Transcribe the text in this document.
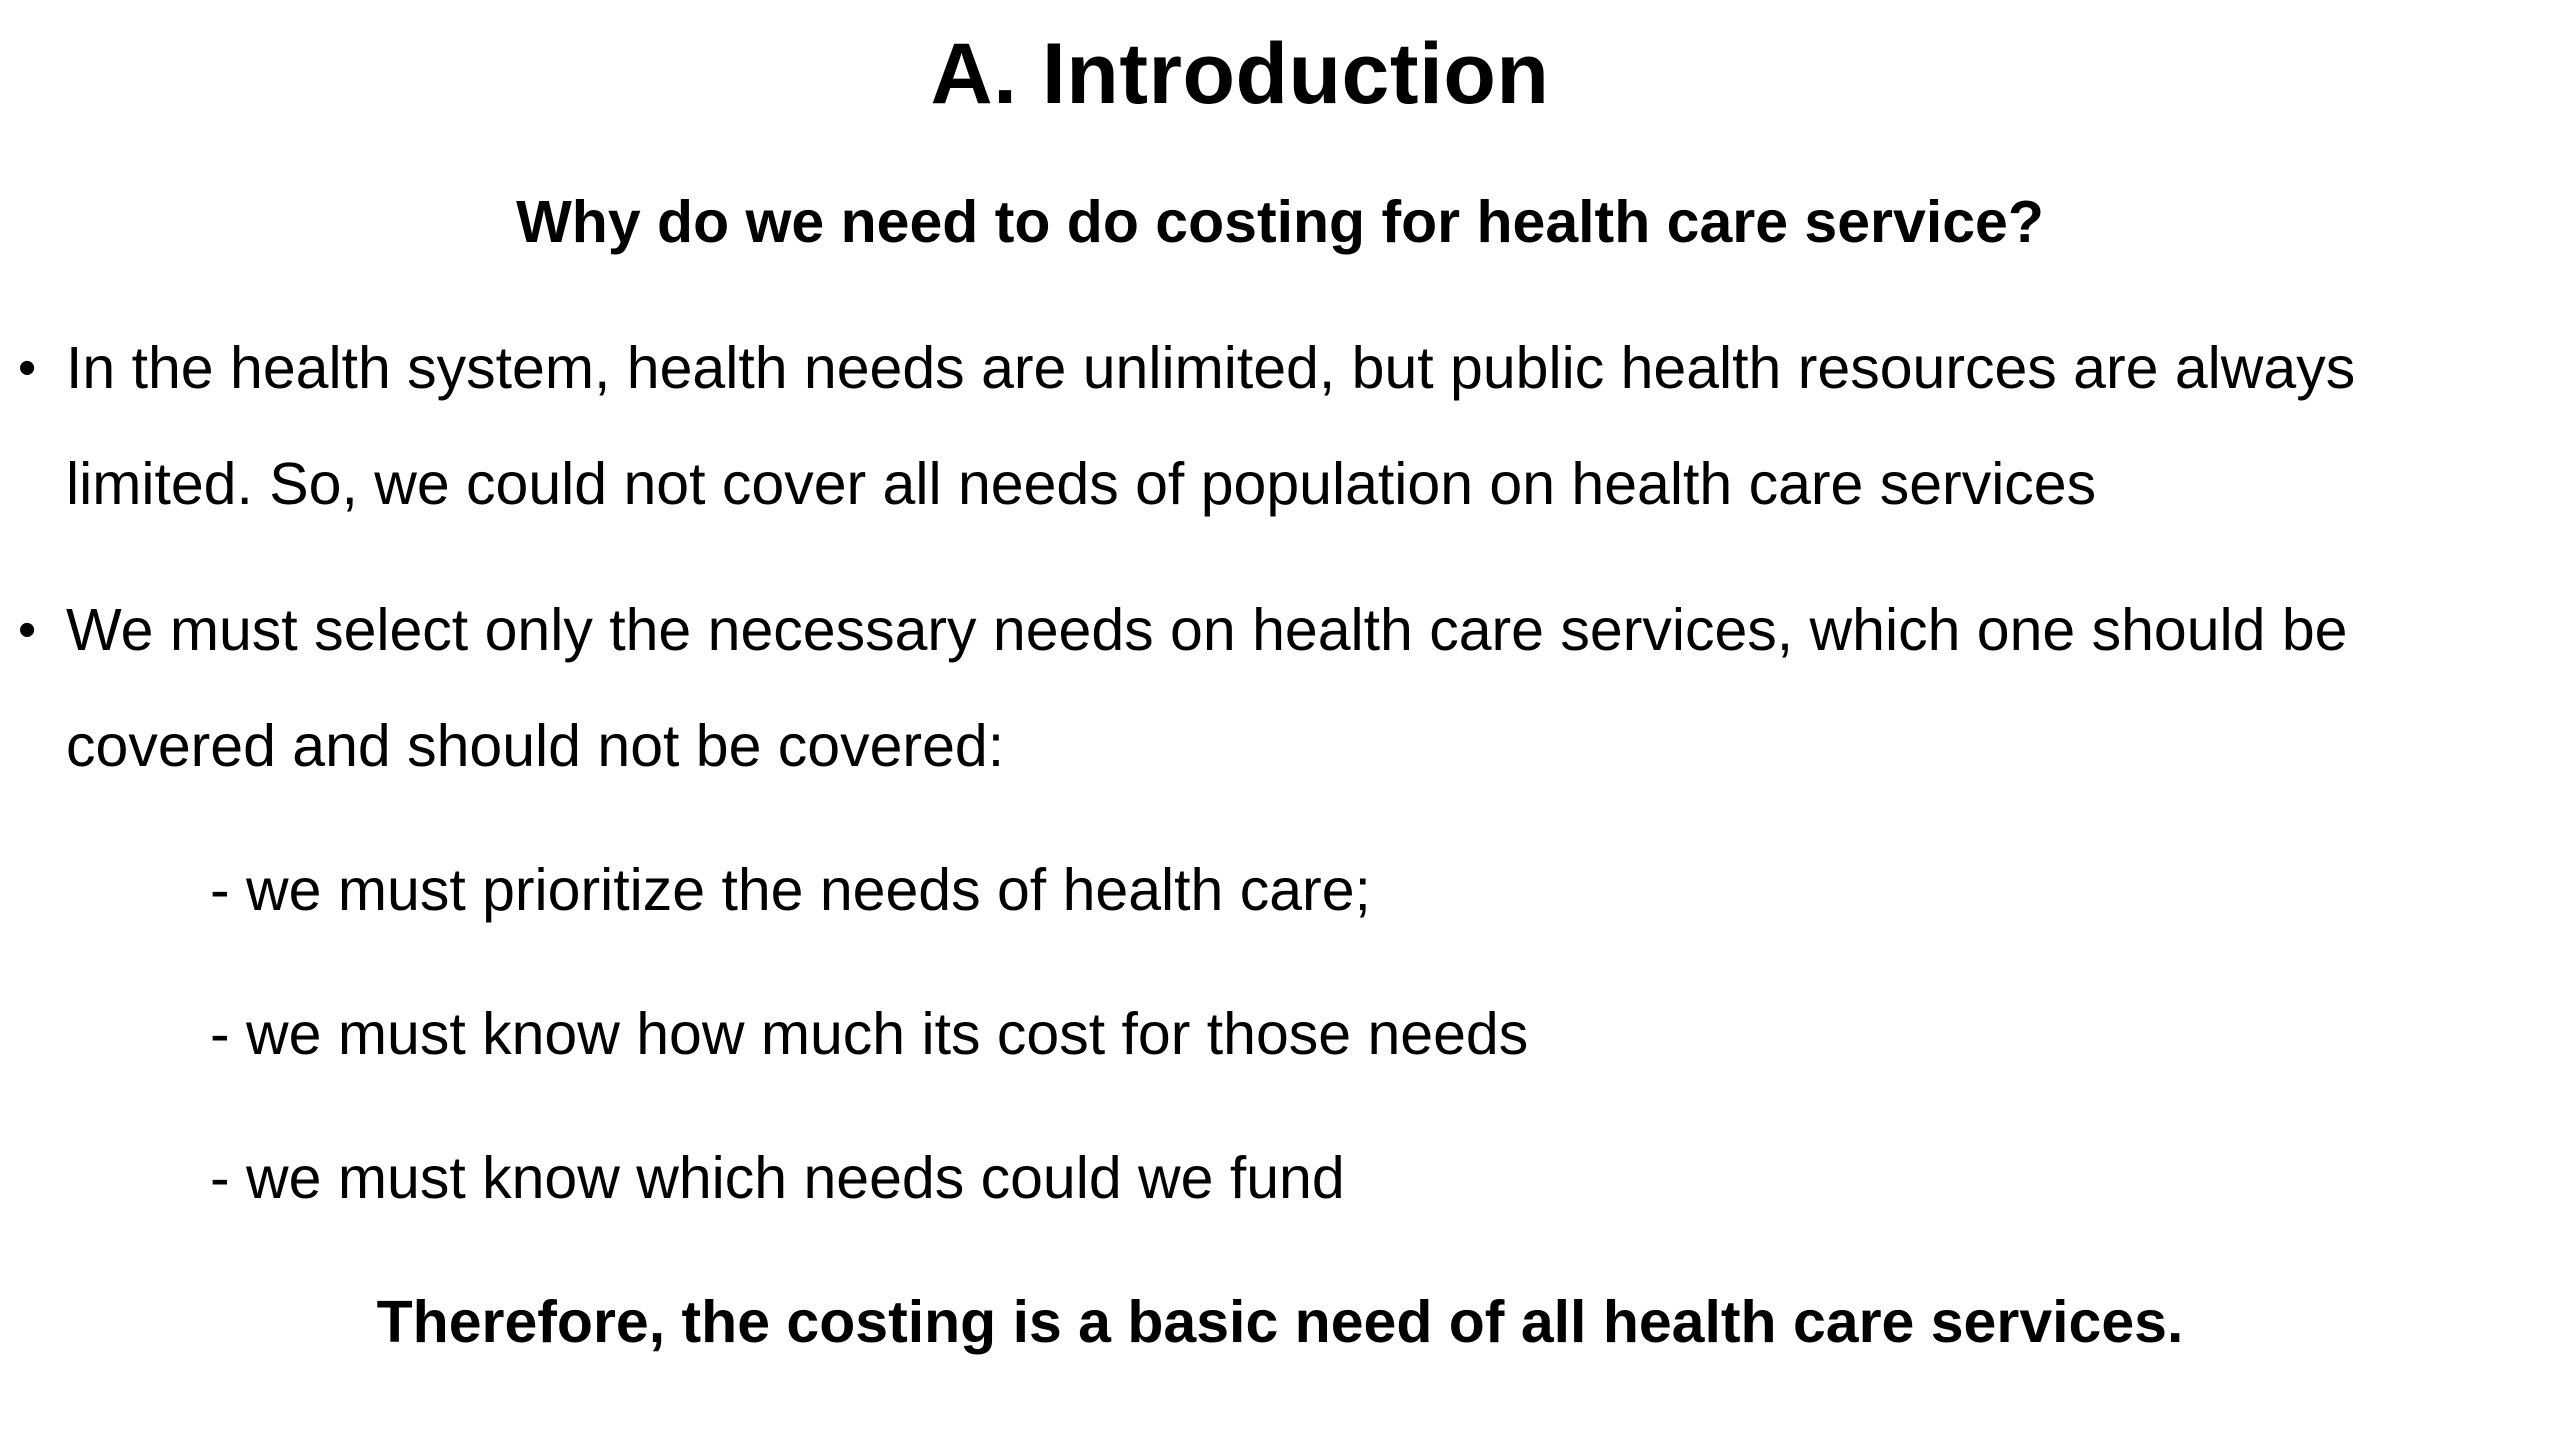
A. Introduction
Why do we need to do costing for health care service?
• In the health system, health needs are unlimited, but public health resources are always
limited. So, we could not cover all needs of population on health care services
• We must select only the necessary needs on health care services, which one should be
covered and should not be covered:
- we must prioritize the needs of health care;
- we must know how much its cost for those needs
- we must know which needs could we fund
Therefore, the costing is a basic need of all health care services.
